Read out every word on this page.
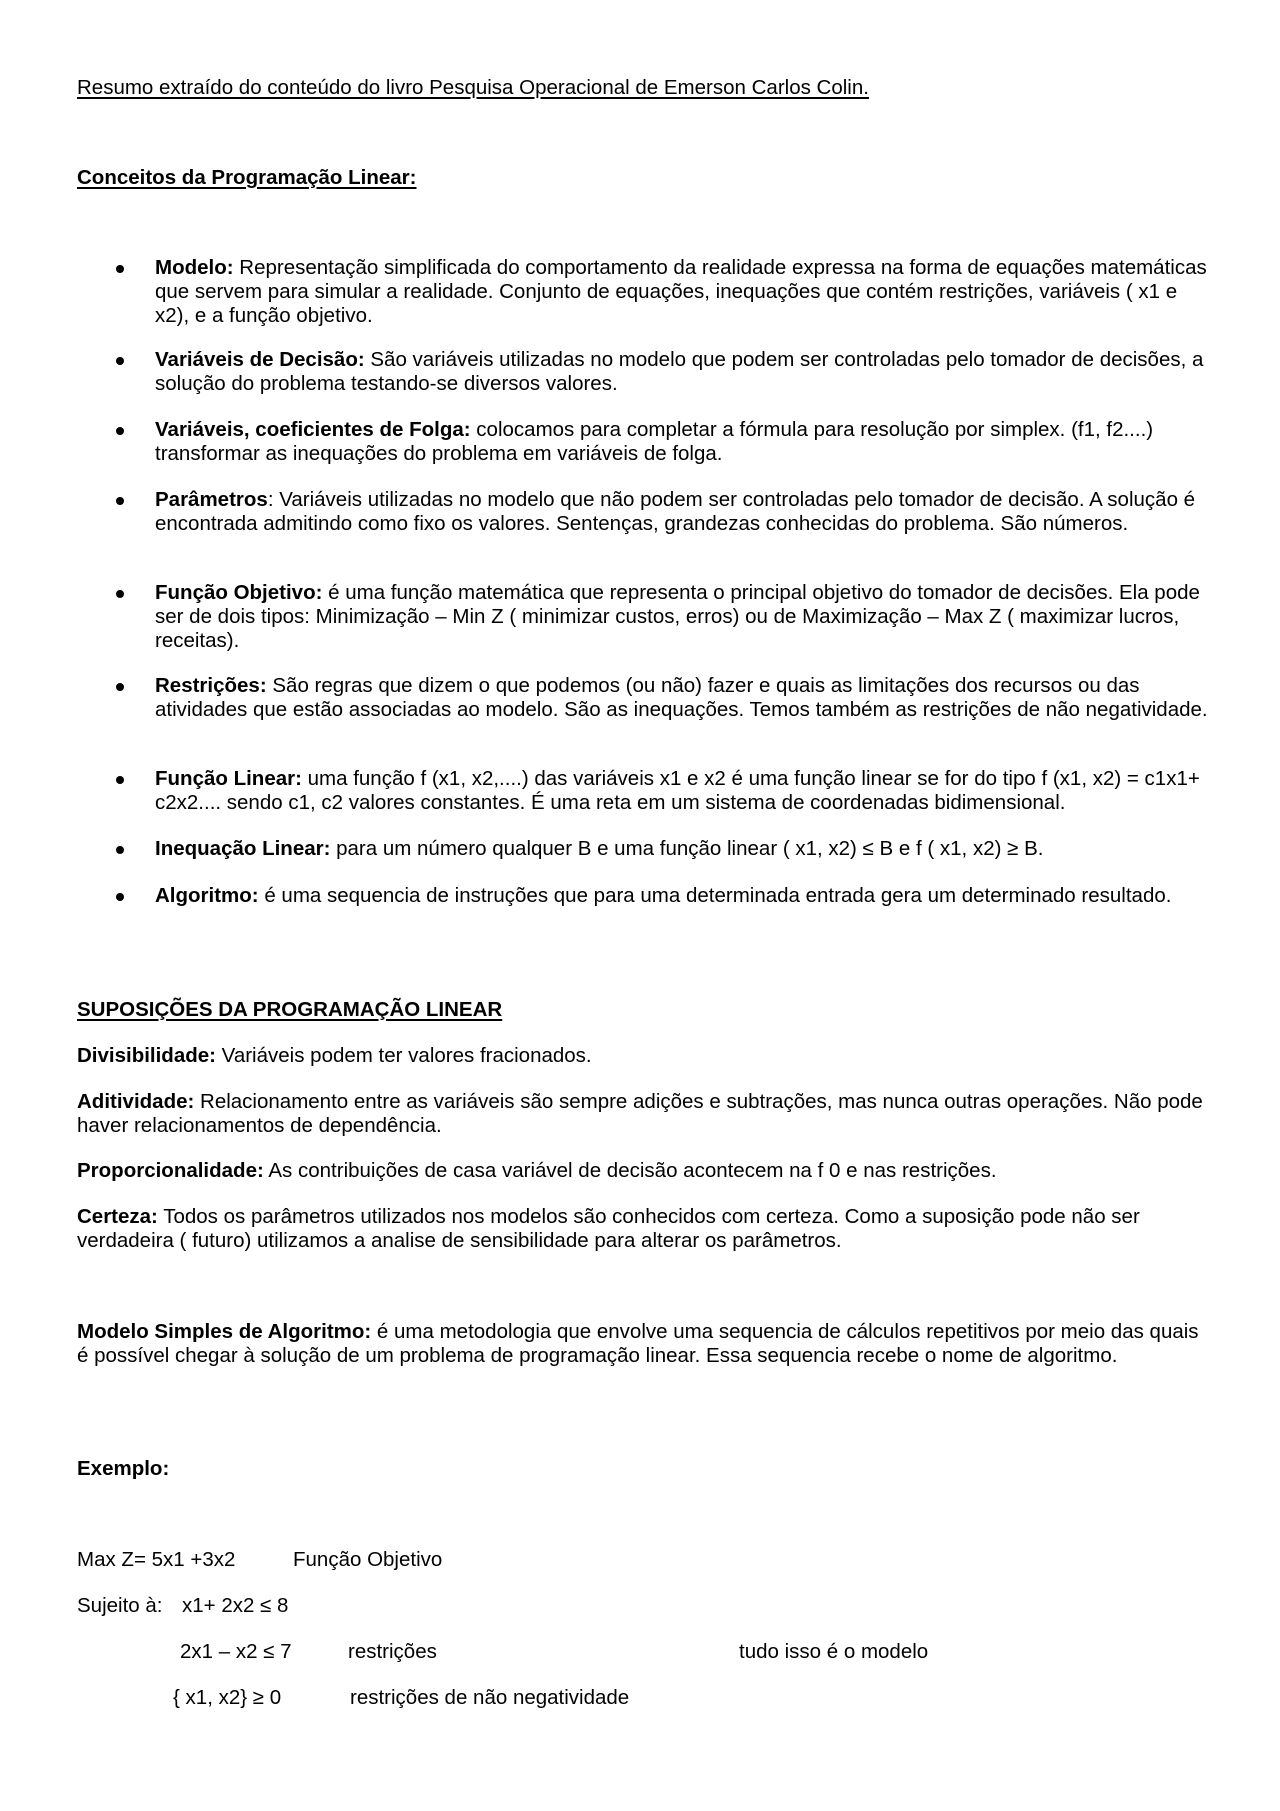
Resumo extraído do conteúdo do livro Pesquisa Operacional de Emerson Carlos Colin.
Conceitos da Programação Linear:
Modelo: Representação simplificada do comportamento da realidade expressa na forma de equações matemáticas que servem para simular a realidade. Conjunto de equações, inequações que contém restrições, variáveis ( x1 e x2), e a função objetivo.
Variáveis de Decisão: São variáveis utilizadas no modelo que podem ser controladas pelo tomador de decisões, a solução do problema testando-se diversos valores.
Variáveis, coeficientes de Folga: colocamos para completar a fórmula para resolução por simplex. (f1, f2....) transformar as inequações do problema em variáveis de folga.
Parâmetros: Variáveis utilizadas no modelo que não podem ser controladas pelo tomador de decisão. A solução é encontrada admitindo como fixo os valores. Sentenças, grandezas conhecidas do problema. São números.
Função Objetivo: é uma função matemática que representa o principal objetivo do tomador de decisões. Ela pode ser de dois tipos: Minimização – Min Z ( minimizar custos, erros) ou de Maximização – Max Z ( maximizar lucros, receitas).
Restrições: São regras que dizem o que podemos (ou não) fazer e quais as limitações dos recursos ou das atividades que estão associadas ao modelo. São as inequações. Temos também as restrições de não negatividade.
Função Linear: uma função f (x1, x2,....) das variáveis x1 e x2 é uma função linear se for do tipo f (x1, x2) = c1x1+ c2x2.... sendo c1, c2 valores constantes. É uma reta em um sistema de coordenadas bidimensional.
Inequação Linear: para um número qualquer B e uma função linear ( x1, x2) ≤ B e f ( x1, x2) ≥ B.
Algoritmo: é uma sequencia de instruções que para uma determinada entrada gera um determinado resultado.
SUPOSIÇÕES DA PROGRAMAÇÃO LINEAR
Divisibilidade: Variáveis podem ter valores fracionados.
Aditividade: Relacionamento entre as variáveis são sempre adições e subtrações, mas nunca outras operações. Não pode haver relacionamentos de dependência.
Proporcionalidade: As contribuições de casa variável de decisão acontecem na f 0 e nas restrições.
Certeza: Todos os parâmetros utilizados nos modelos são conhecidos com certeza. Como a suposição pode não ser verdadeira ( futuro) utilizamos a analise de sensibilidade para alterar os parâmetros.
Modelo Simples de Algoritmo: é uma metodologia que envolve uma sequencia de cálculos repetitivos por meio das quais é possível chegar à solução de um problema de programação linear. Essa sequencia recebe o nome de algoritmo.
Exemplo:
Max Z= 5x1 +3x2	Função Objetivo
Sujeito à: x1+ 2x2 ≤ 8
2x1 – x2 ≤ 7	restrições	tudo isso é o modelo
{ x1, x2} ≥ 0	restrições de não negatividade
